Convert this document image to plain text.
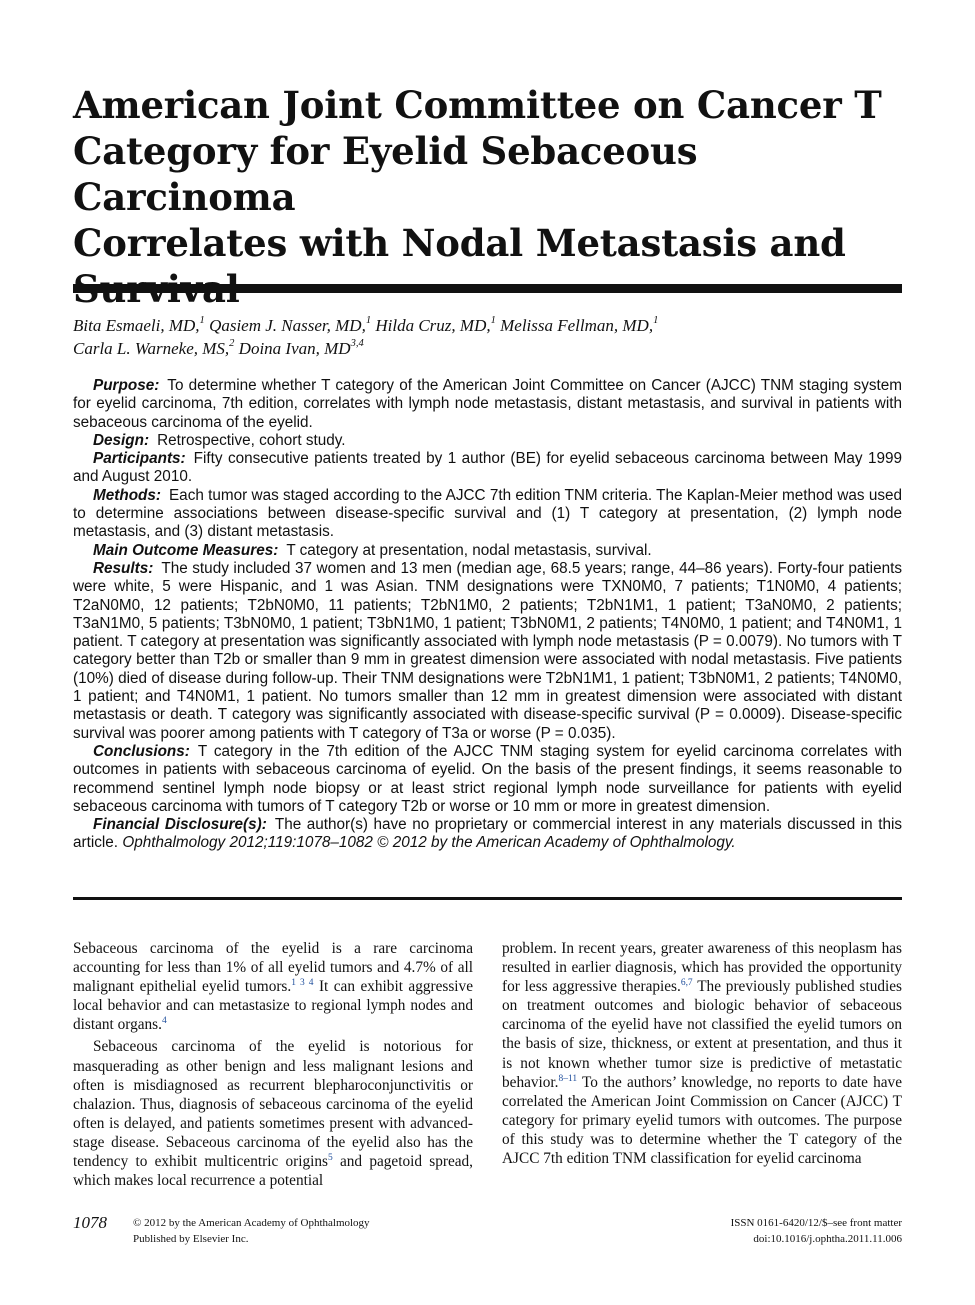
American Joint Committee on Cancer T
Category for Eyelid Sebaceous Carcinoma
Correlates with Nodal Metastasis and
Bita Esmaeli, MD,$^1$ Qasiem J. Nasser, MD,$^1$ Hilda Cruz, MD,$^1$ Melissa Fellman, MD,$^1$
Carla L. Warneke, MS,$^2$ Doina Ivan, MD$^{3,4}$

Purpose: To determine whether T category of the American Joint Committee on Cancer (AJCC) TNM staging system for eyelid carcinoma, 7th edition, correlates with lymph node metastasis, distant metastasis, and survival in patients with sebaceous carcinoma of the eyelid.

Design: Retrospective, cohort study.

Participants: Fifty consecutive patients treated by 1 author (BE) for eyelid sebaceous carcinoma between May 1999 and August 2010.

Methods: Each tumor was staged according to the AJCC 7th edition TNM criteria. The Kaplan-Meier method was used to determine associations between disease-specific survival and (1) T category at presentation, (2) lymph node metastasis, and (3) distant metastasis.

Main Outcome Measures: T category at presentation, nodal metastasis, survival.

Results: The study included 37 women and 13 men (median age, 68.5 years; range, 44–86 years). Forty-four patients were white, 5 were Hispanic, and 1 was Asian. TNM designations were TXN0M0, 7 patients; T1N0M0, 4 patients; T2aN0M0, 12 patients; T2bN0M0, 11 patients; T2bN1M0, 2 patients; T2bN1M1, 1 patient; T3aN0M0, 2 patients; T3aN1M0, 5 patients; T3bN0M0, 1 patient; T3bN1M0, 1 patient; T3bN0M1, 2 patients; T4N0M0, 1 patient; and T4N0M1, 1 patient. T category at presentation was significantly associated with lymph node metastasis (P = 0.0079). No tumors with T category better than T2b or smaller than 9 mm in greatest dimension were associated with nodal metastasis. Five patients (10%) died of disease during follow-up. Their TNM designations were T2bN1M1, 1 patient; T3bN0M1, 2 patients; T4N0M0, 1 patient; and T4N0M1, 1 patient. No tumors smaller than 12 mm in greatest dimension were associated with distant metastasis or death. T category was significantly associated with disease-specific survival (P = 0.0009). Disease-specific survival was poorer among patients with T category of T3a or worse (P = 0.035).

Conclusions: T category in the 7th edition of the AJCC TNM staging system for eyelid carcinoma correlates with outcomes in patients with sebaceous carcinoma of eyelid. On the basis of the present findings, it seems reasonable to recommend sentinel lymph node biopsy or at least strict regional lymph node surveillance for patients with eyelid sebaceous carcinoma with tumors of T category T2b or worse or 10 mm or more in greatest dimension.

Financial Disclosure(s): The author(s) have no proprietary or commercial interest in any materials discussed in this article. Ophthalmology 2012;119:1078–1082 © 2012 by the American Academy of Ophthalmology.

Sebaceous carcinoma of the eyelid is a rare carcinoma accounting for less than 1% of all eyelid tumors and 4.7% of all malignant epithelial eyelid tumors.$^{1 3 4}$ It can exhibit aggressive local behavior and can metastasize to regional lymph nodes and distant organs.$^4$

Sebaceous carcinoma of the eyelid is notorious for masquerading as other benign and less malignant lesions and often is misdiagnosed as recurrent blepharoconjunctivitis or chalazion. Thus, diagnosis of sebaceous carcinoma of the eyelid often is delayed, and patients sometimes present with advanced-stage disease. Sebaceous carcinoma of the eyelid also has the tendency to exhibit multicentric origins$^5$ and pagetoid spread, which makes local recurrence a potential

problem. In recent years, greater awareness of this neoplasm has resulted in earlier diagnosis, which has provided the opportunity for less aggressive therapies.$^{6,7}$ The previously published studies on treatment outcomes and biologic behavior of sebaceous carcinoma of the eyelid have not classified the eyelid tumors on the basis of size, thickness, or extent at presentation, and thus it is not known whether tumor size is predictive of metastatic behavior.$^{8-11}$ To the authors’ knowledge, no reports to date have correlated the American Joint Commission on Cancer (AJCC) T category for primary eyelid tumors with outcomes. The purpose of this study was to determine whether the T category of the AJCC 7th edition TNM classification for eyelid carcinoma

1078 © 2012 by the American Academy of Ophthalmology
Published by Elsevier Inc.
ISSN 0161-6420/12/$–see front matter
doi:10.1016/j.ophtha.2011.11.006
